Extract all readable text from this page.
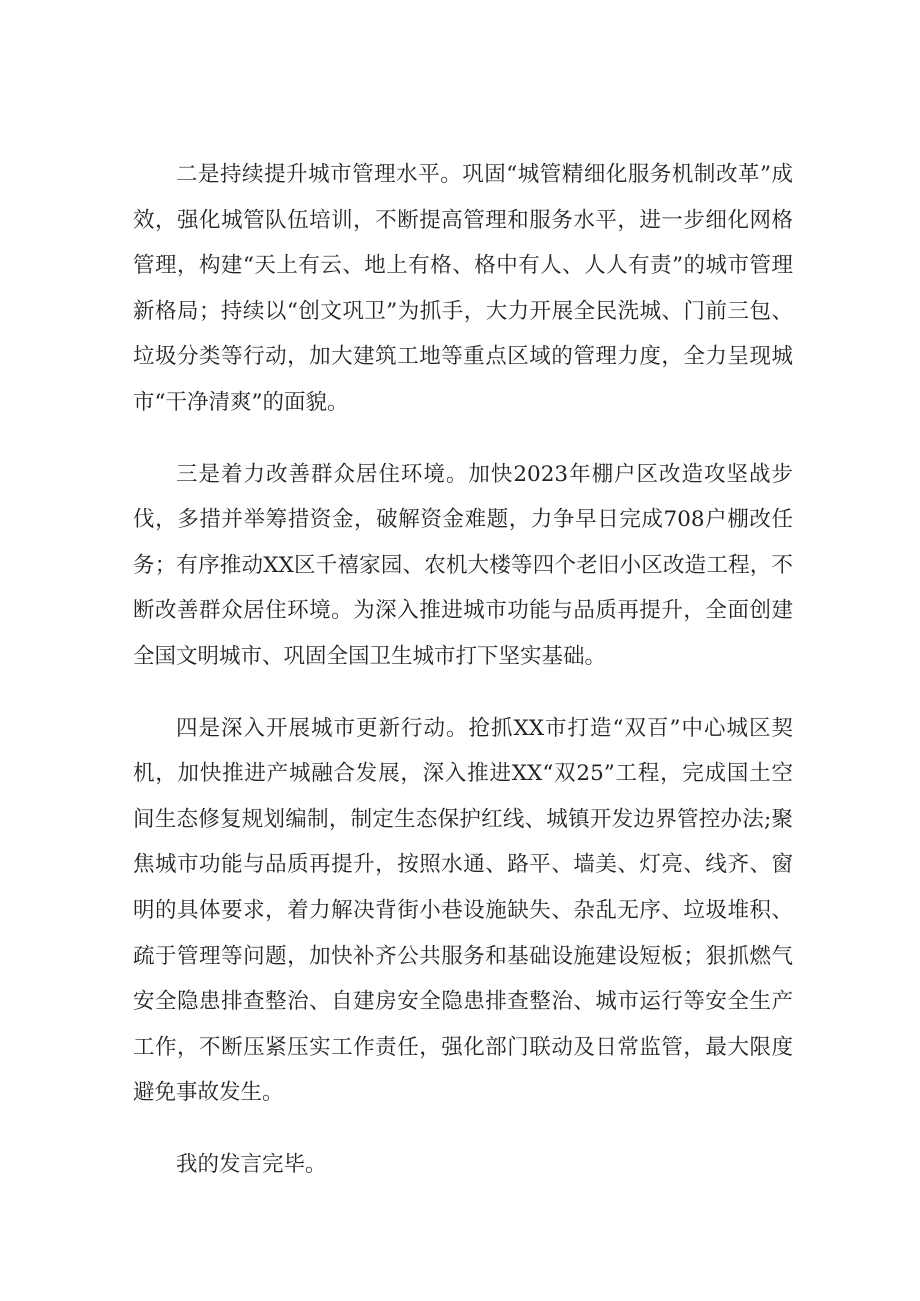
二是持续提升城市管理水平。巩固“城管精细化服务机制改革”成效，强化城管队伍培训，不断提高管理和服务水平，进一步细化网格管理，构建“天上有云、地上有格、格中有人、人人有责”的城市管理新格局；持续以“创文巩卫”为抓手，大力开展全民洗城、门前三包、垃圾分类等行动，加大建筑工地等重点区域的管理力度，全力呈现城市“干净清爽”的面貌。

三是着力改善群众居住环境。加快2023年棚户区改造攻坚战步伐，多措并举筹措资金，破解资金难题，力争早日完成708户棚改任务；有序推动XX区千禧家园、农机大楼等四个老旧小区改造工程，不断改善群众居住环境。为深入推进城市功能与品质再提升，全面创建全国文明城市、巩固全国卫生城市打下坚实基础。

四是深入开展城市更新行动。抢抓XX市打造“双百”中心城区契机，加快推进产城融合发展，深入推进XX“双25”工程，完成国土空间生态修复规划编制，制定生态保护红线、城镇开发边界管控办法;聚焦城市功能与品质再提升，按照水通、路平、墙美、灯亮、线齐、窗明的具体要求，着力解决背街小巷设施缺失、杂乱无序、垃圾堆积、疏于管理等问题，加快补齐公共服务和基础设施建设短板；狠抓燃气安全隐患排查整治、自建房安全隐患排查整治、城市运行等安全生产工作，不断压紧压实工作责任，强化部门联动及日常监管，最大限度避免事故发生。

我的发言完毕。
